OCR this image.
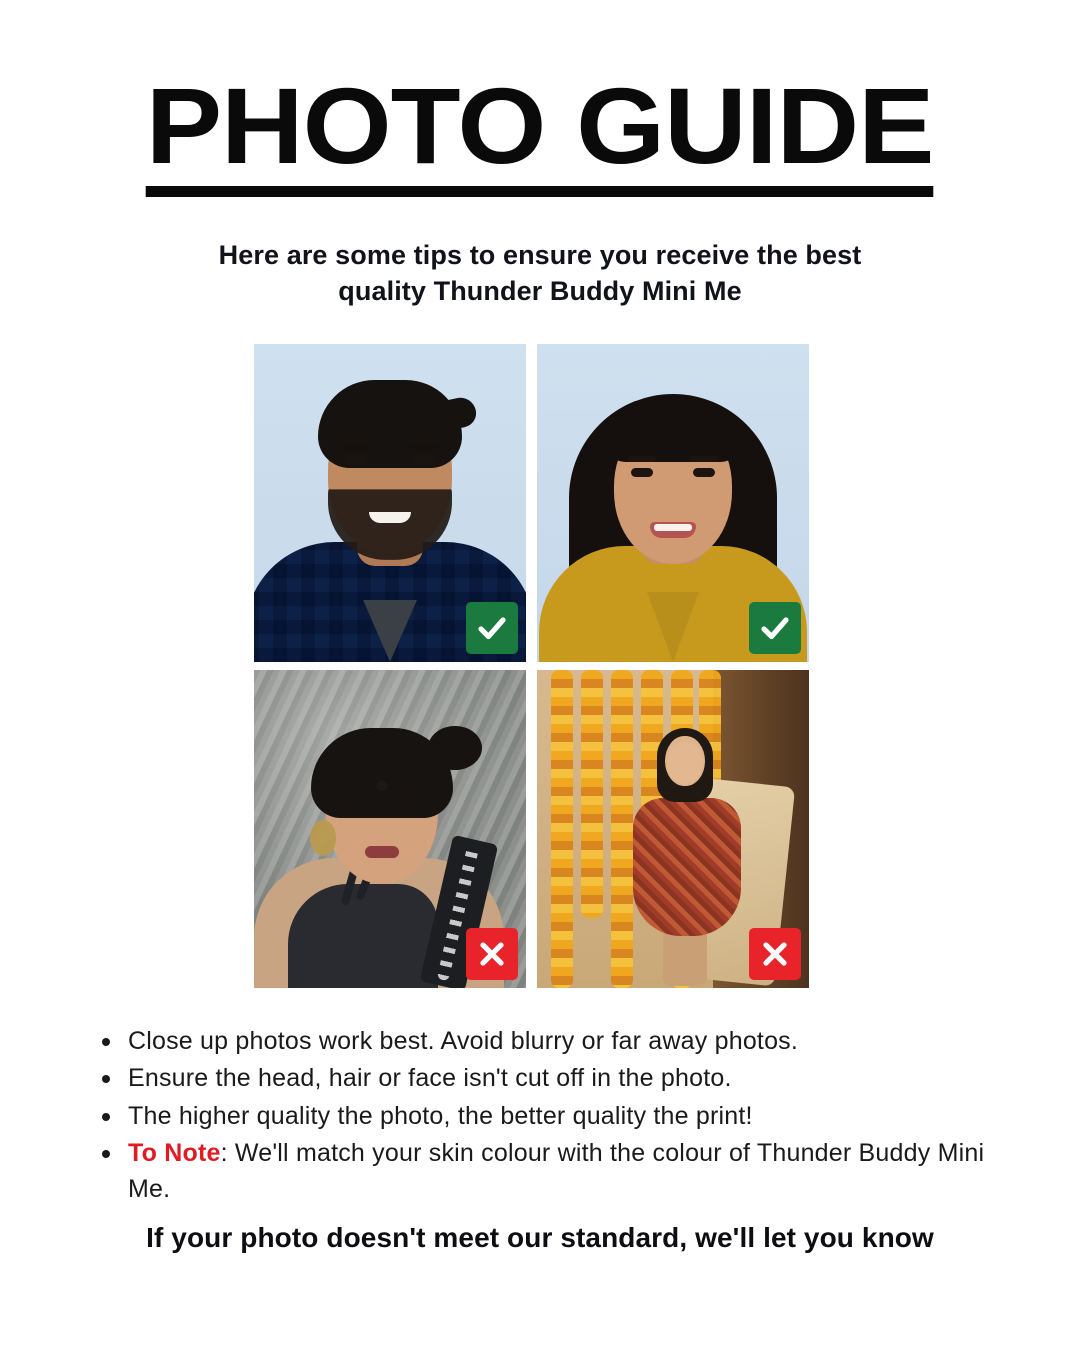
PHOTO GUIDE
Here are some tips to ensure you receive the best quality Thunder Buddy Mini Me
Close up photos work best. Avoid blurry or far away photos.
Ensure the head, hair or face isn't cut off in the photo.
The higher quality the photo, the better quality the print!
To Note: We'll match your skin colour with the colour of Thunder Buddy Mini Me.
If your photo doesn't meet our standard, we'll let you know
